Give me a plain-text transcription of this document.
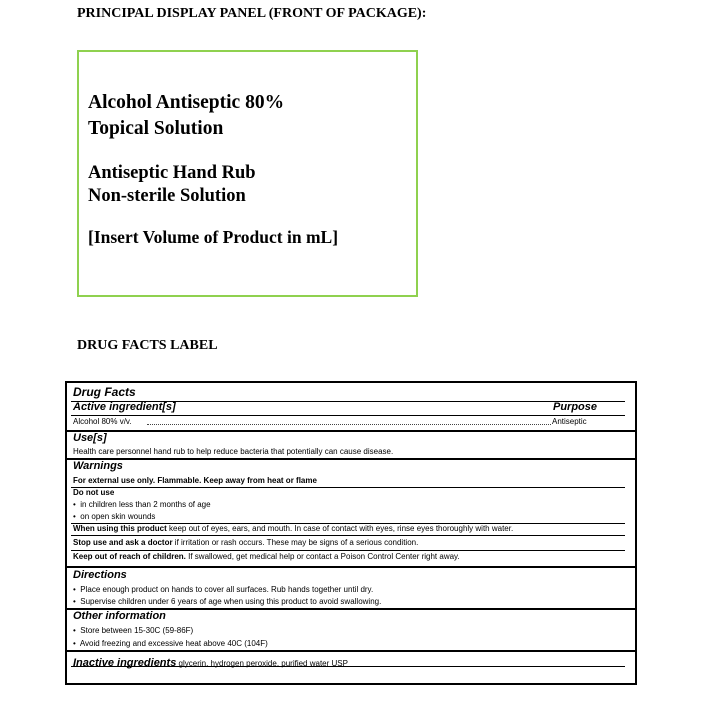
PRINCIPAL DISPLAY PANEL (FRONT OF PACKAGE):
Alcohol Antiseptic 80%
Topical Solution
Antiseptic Hand Rub
Non-sterile Solution
[Insert Volume of Product in mL]
DRUG FACTS LABEL
Drug Facts
Active ingredient[s]	Purpose
Alcohol 80% v/v.	Antiseptic
Use[s]
Health care personnel hand rub to help reduce bacteria that potentially can cause disease.
Warnings
For external use only. Flammable. Keep away from heat or flame
Do not use
• in children less than 2 months of age
• on open skin wounds
When using this product keep out of eyes, ears, and mouth. In case of contact with eyes, rinse eyes thoroughly with water.
Stop use and ask a doctor if irritation or rash occurs. These may be signs of a serious condition.
Keep out of reach of children. If swallowed, get medical help or contact a Poison Control Center right away.
Directions
• Place enough product on hands to cover all surfaces. Rub hands together until dry.
• Supervise children under 6 years of age when using this product to avoid swallowing.
Other information
• Store between 15-30C (59-86F)
• Avoid freezing and excessive heat above 40C (104F)
Inactive ingredients glycerin, hydrogen peroxide, purified water USP
